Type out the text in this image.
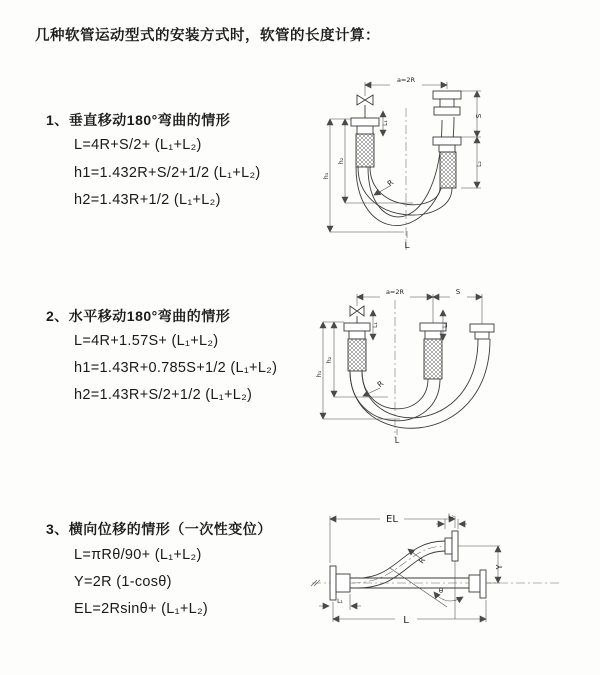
几种软管运动型式的安装方式时，软管的长度计算：
1、垂直移动180°弯曲的情形
L=4R+S/2+ (L₁+L₂)
h1=1.432R+S/2+1/2 (L₁+L₂)
h2=1.43R+1/2 (L₁+L₂)
2、水平移动180°弯曲的情形
L=4R+1.57S+ (L₁+L₂)
h1=1.43R+0.785S+1/2 (L₁+L₂)
h2=1.43R+S/2+1/2 (L₁+L₂)
3、横向位移的情形（一次性变位）
L=πRθ/90+ (L₁+L₂)
Y=2R (1-cosθ)
EL=2Rsinθ+ (L₁+L₂)
a=2R
L₁
S
L₂
h₂
h₁
R
L
a=2R	S
L₁	L₂
h₂
h₁
R
L
EL	L₂
Y
L
L₁
R
θ
